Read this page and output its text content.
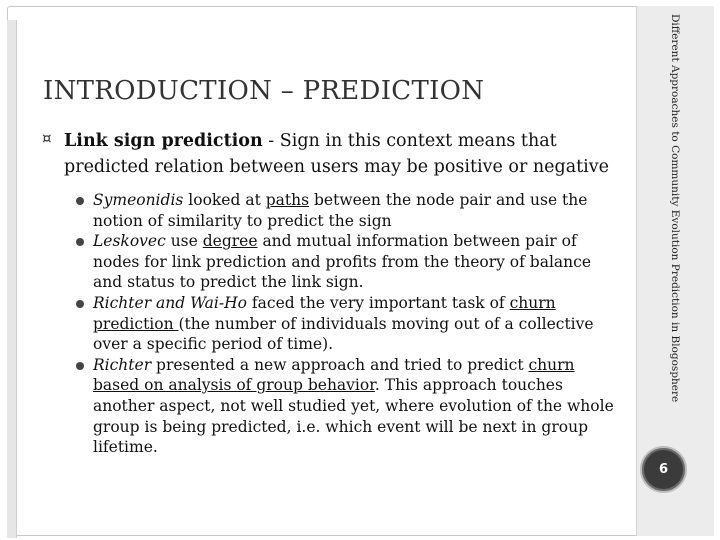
Different Approaches to Community Evolution Prediction in Blogosphere
6
INTRODUCTION – PREDICTION
¤ Link sign prediction - Sign in this context means that predicted relation between users may be positive or negative
Symeonidis looked at paths between the node pair and use the notion of similarity to predict the sign
Leskovec use degree and mutual information between pair of nodes for link prediction and profits from the theory of balance and status to predict the link sign.
Richter and Wai-Ho faced the very important task of churn prediction (the number of individuals moving out of a collective over a specific period of time).
Richter presented a new approach and tried to predict churn based on analysis of group behavior. This approach touches another aspect, not well studied yet, where evolution of the whole group is being predicted, i.e. which event will be next in group lifetime.
